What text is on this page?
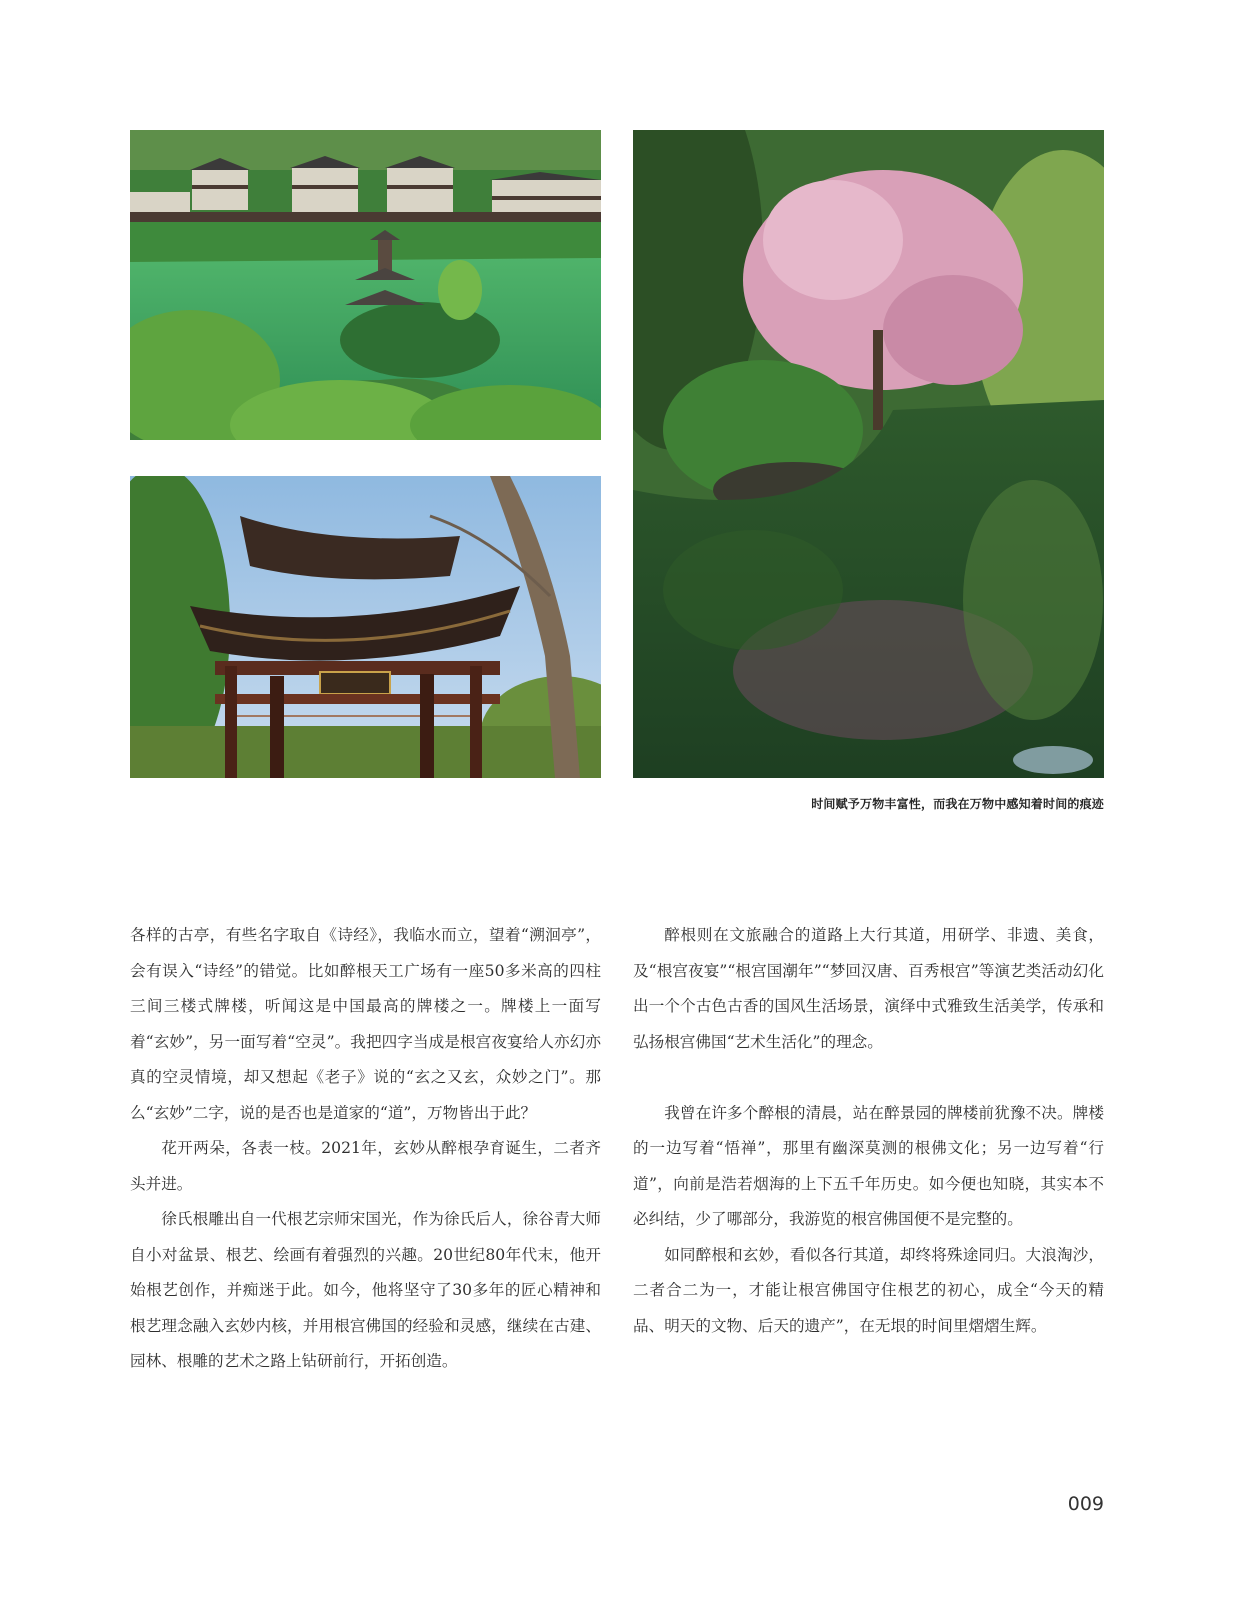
时间赋予万物丰富性，而我在万物中感知着时间的痕迹

各样的古亭，有些名字取自《诗经》，我临水而立，望着“溯洄亭”，会有误入“诗经”的错觉。比如醉根天工广场有一座50多米高的四柱三间三楼式牌楼，听闻这是中国最高的牌楼之一。牌楼上一面写着“玄妙”，另一面写着“空灵”。我把四字当成是根宫夜宴给人亦幻亦真的空灵情境，却又想起《老子》说的“玄之又玄，众妙之门”。那么“玄妙”二字，说的是否也是道家的“道”，万物皆出于此？

花开两朵，各表一枝。2021年，玄妙从醉根孕育诞生，二者齐头并进。

徐氏根雕出自一代根艺宗师宋国光，作为徐氏后人，徐谷青大师自小对盆景、根艺、绘画有着强烈的兴趣。20世纪80年代末，他开始根艺创作，并痴迷于此。如今，他将坚守了30多年的匠心精神和根艺理念融入玄妙内核，并用根宫佛国的经验和灵感，继续在古建、园林、根雕的艺术之路上钻研前行，开拓创造。

醉根则在文旅融合的道路上大行其道，用研学、非遗、美食，及“根宫夜宴”“根宫国潮年”“梦回汉唐、百秀根宫”等演艺类活动幻化出一个个古色古香的国风生活场景，演绎中式雅致生活美学，传承和弘扬根宫佛国“艺术生活化”的理念。

我曾在许多个醉根的清晨，站在醉景园的牌楼前犹豫不决。牌楼的一边写着“悟禅”，那里有幽深莫测的根佛文化；另一边写着“行道”，向前是浩若烟海的上下五千年历史。如今便也知晓，其实本不必纠结，少了哪部分，我游览的根宫佛国便不是完整的。

如同醉根和玄妙，看似各行其道，却终将殊途同归。大浪淘沙，二者合二为一，才能让根宫佛国守住根艺的初心，成全“今天的精品、明天的文物、后天的遗产”，在无垠的时间里熠熠生辉。

009
